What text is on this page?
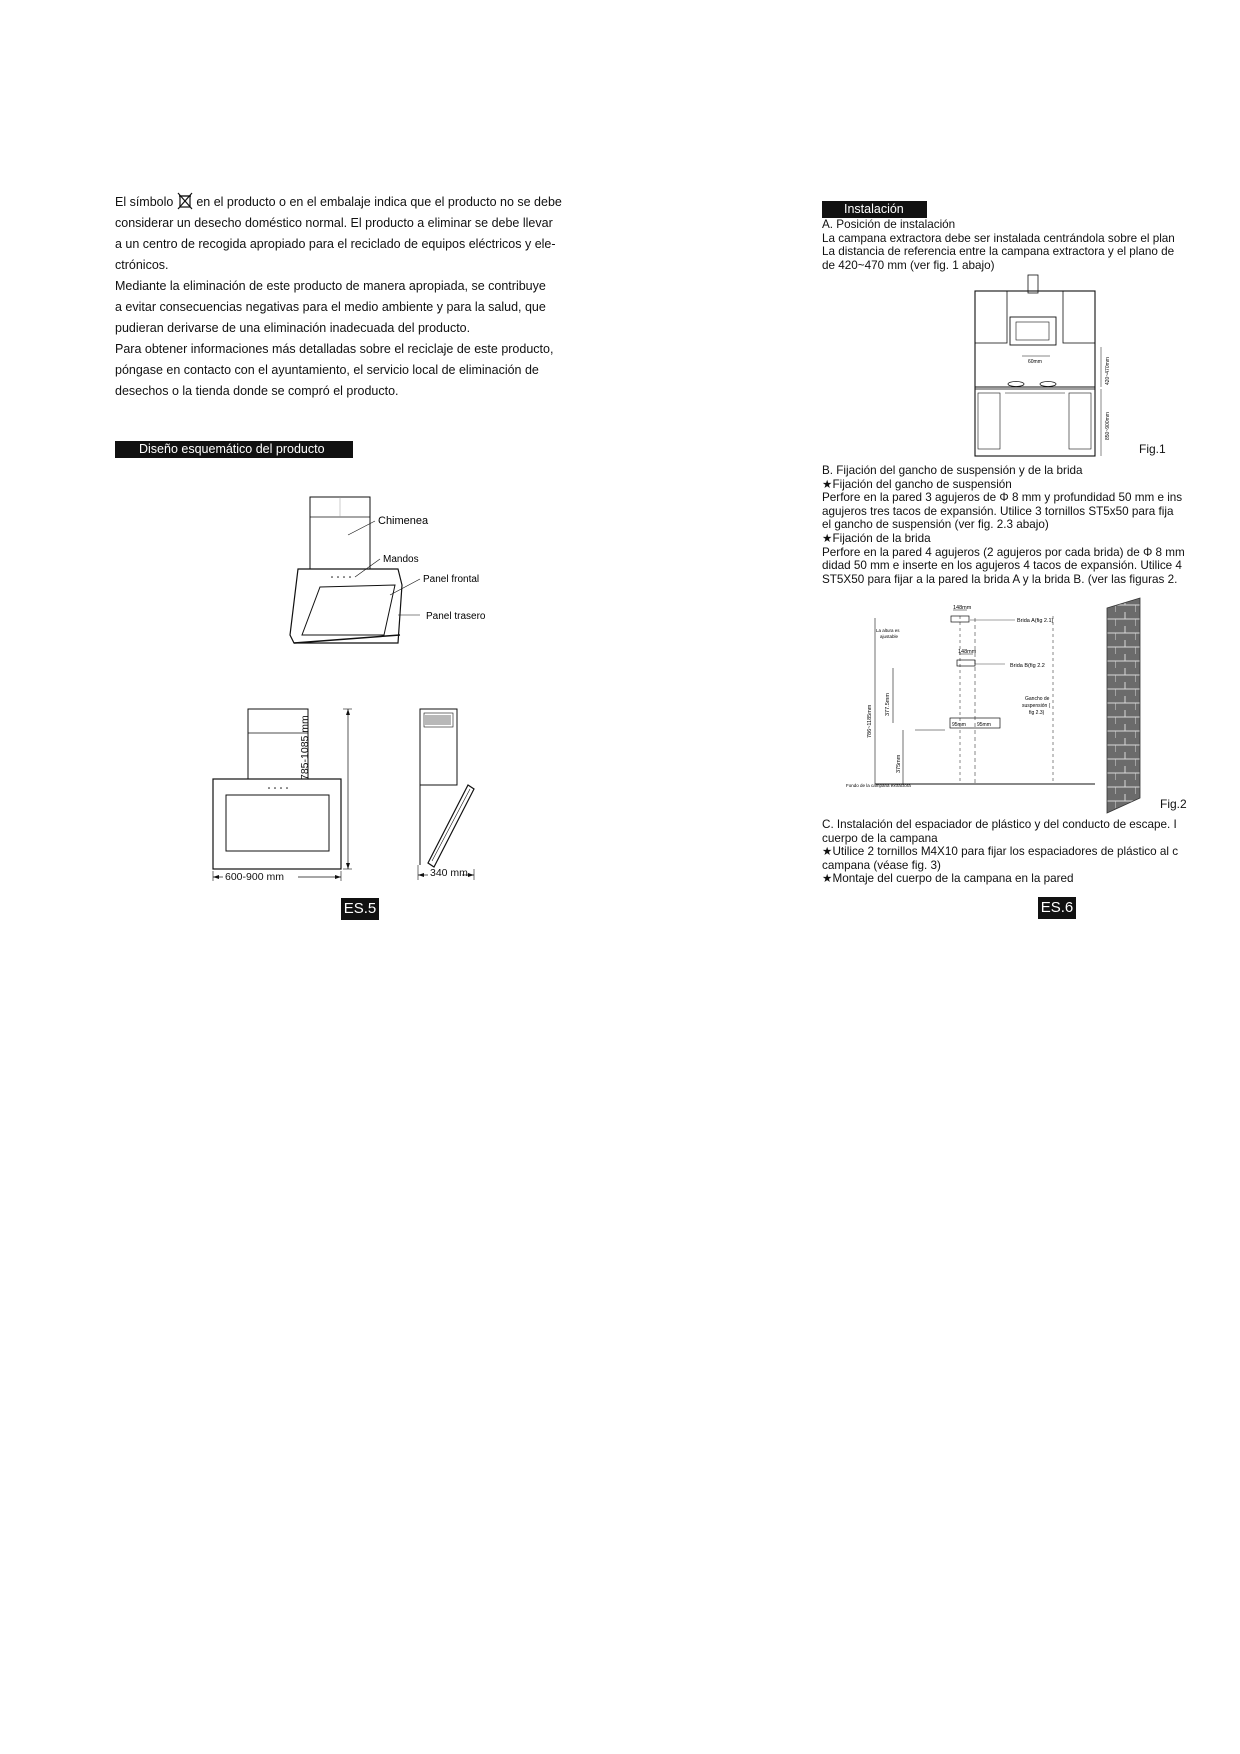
El símbolo en el producto o en el embalaje indica que el producto no se debe

considerar un desecho doméstico normal. El producto a eliminar se debe llevar

a un centro de recogida apropiado para el reciclado de equipos eléctricos y ele-

ctrónicos.

Mediante la eliminación de este producto de manera apropiada, se contribuye

a evitar consecuencias negativas para el medio ambiente y para la salud, que

pudieran derivarse de una eliminación inadecuada del producto.

Para obtener informaciones más detalladas sobre el reciclaje de este producto,

póngase en contacto con el ayuntamiento, el servicio local de eliminación de

desechos o la tienda donde se compró el producto.

Diseño esquemático del producto
Chimenea
Mandos
Panel frontal
Panel trasero
785-1085 mm
600-900 mm	340 mm
ES.5
Instalación
A. Posición de instalación
La campana extractora debe ser instalada centrándola sobre el plan
La distancia de referencia entre la campana extractora y el plano de
de 420~470 mm (ver fig. 1 abajo)
60mm	420~470mm
850~900mm
Fig.1
B. Fijación del gancho de suspensión y de la brida
★Fijación del gancho de suspensión
Perfore en la pared 3 agujeros de Φ 8 mm y profundidad 50 mm e ins
agujeros tres tacos de expansión. Utilice 3 tornillos ST5x50 para fija
el gancho de suspensión (ver fig. 2.3 abajo)
★Fijación de la brida
Perfore en la pared 4 agujeros (2 agujeros por cada brida) de Φ 8 mm
didad 50 mm e inserte en los agujeros 4 tacos de expansión. Utilice 4
ST5X50 para fijar a la pared la brida A y la brida B. (ver las figuras 2.
148mm
Brida A(fig 2.1)
La altura es
ajustable
148mm
Brida B(fig 2.2
786~1185mm
377.5mm	Gancho de
suspensión (
fig 2.3)
95mm 95mm
375mm
Fondo de la campana extractora
Fig.2
C. Instalación del espaciador de plástico y del conducto de escape. I
cuerpo de la campana
★Utilice 2 tornillos M4X10 para fijar los espaciadores de plástico al c
campana (véase fig. 3)
★Montaje del cuerpo de la campana en la pared
ES.6
